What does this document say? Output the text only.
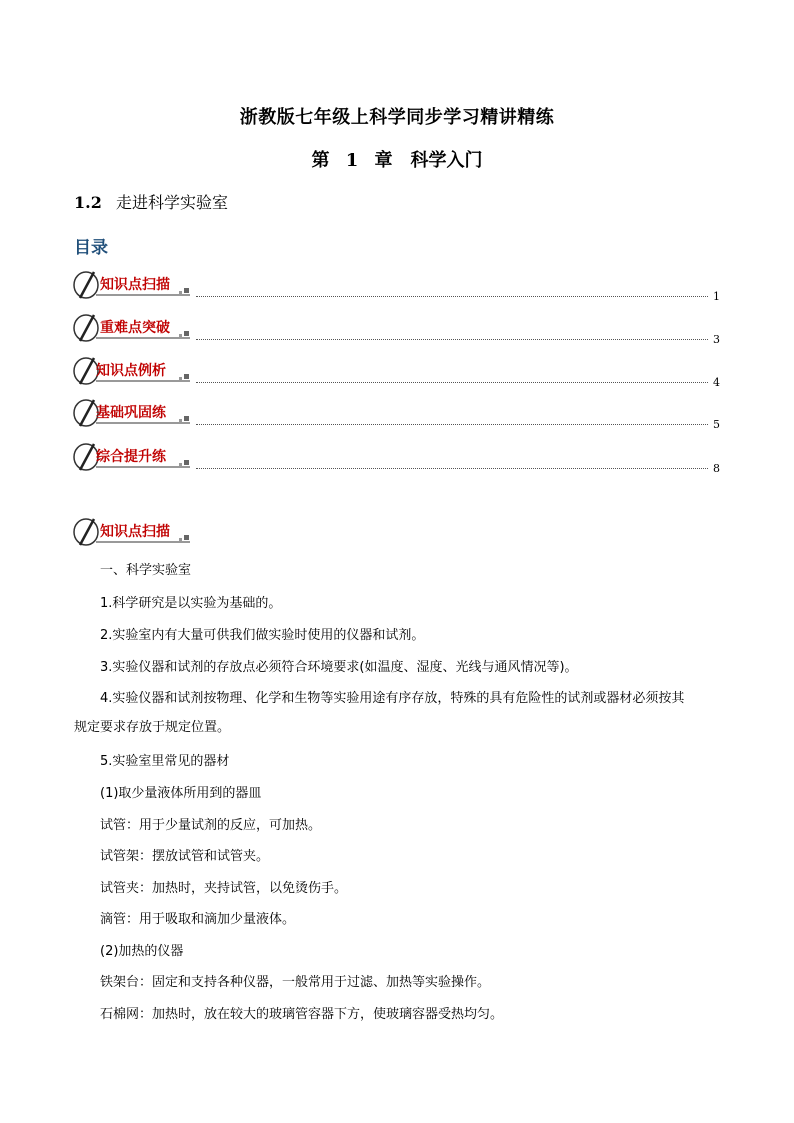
浙教版七年级上科学同步学习精讲精练
第 1 章　科学入门
1.2 走进科学实验室
目录
知识点扫描
1
重难点突破
3
知识点例析
4
基础巩固练
5
综合提升练
8
知识点扫描
一、科学实验室
1.科学研究是以实验为基础的。
2.实验室内有大量可供我们做实验时使用的仪器和试剂。
3.实验仪器和试剂的存放点必须符合环境要求(如温度、湿度、光线与通风情况等)。
4.实验仪器和试剂按物理、化学和生物等实验用途有序存放，特殊的具有危险性的试剂或器材必须按其
规定要求存放于规定位置。
5.实验室里常见的器材
(1)取少量液体所用到的器皿
试管：用于少量试剂的反应，可加热。
试管架：摆放试管和试管夹。
试管夹：加热时，夹持试管，以免烫伤手。
滴管：用于吸取和滴加少量液体。
(2)加热的仪器
铁架台：固定和支持各种仪器，一般常用于过滤、加热等实验操作。
石棉网：加热时，放在较大的玻璃管容器下方，使玻璃容器受热均匀。
